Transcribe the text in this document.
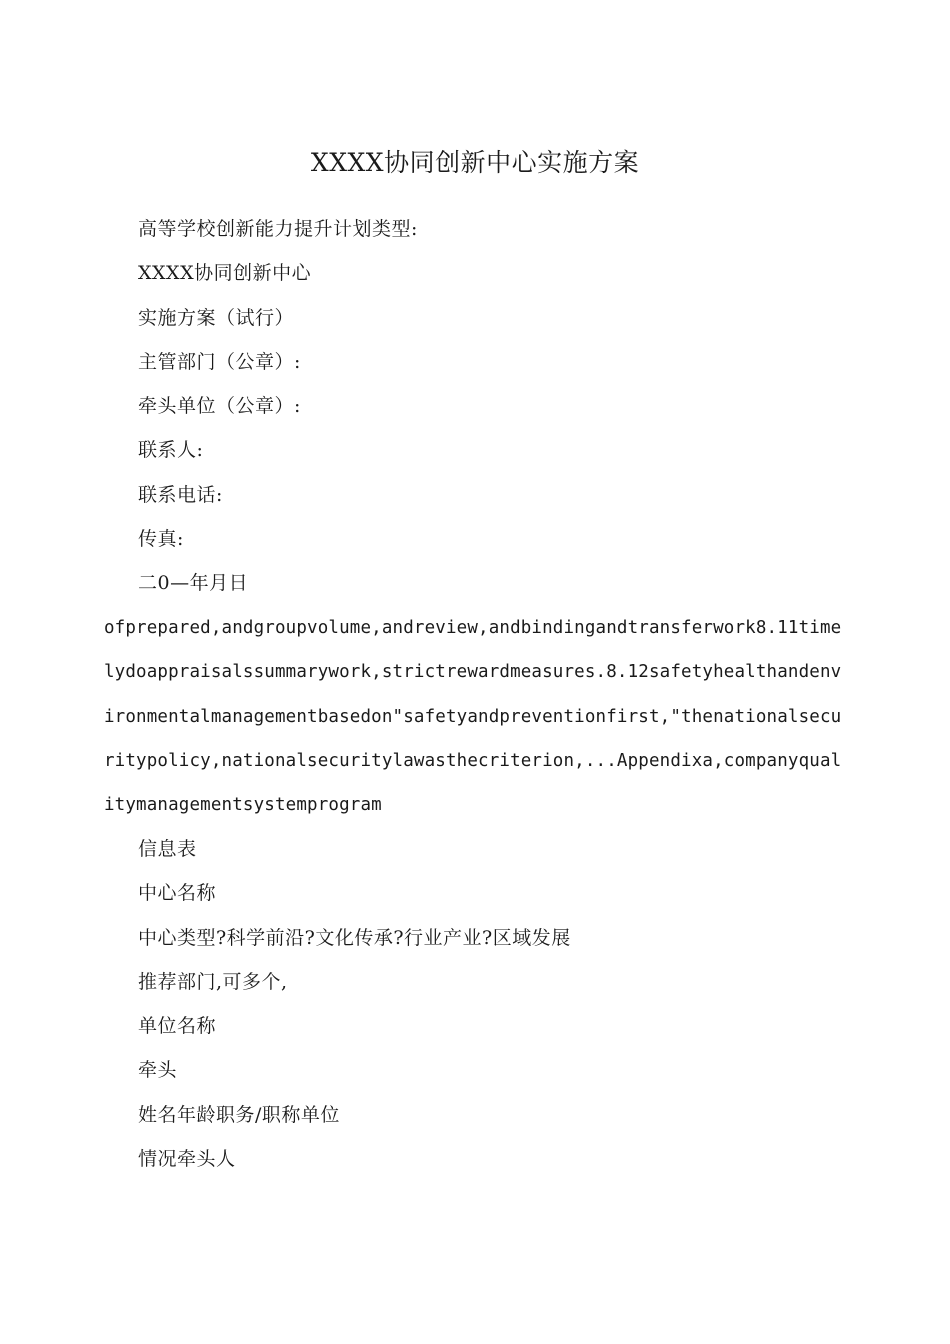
XXXX协同创新中心实施方案
高等学校创新能力提升计划类型:
XXXX协同创新中心
实施方案（试行）
主管部门（公章）:
牵头单位（公章）:
联系人:
联系电话:
传真:
二0—年月日
ofprepared,andgroupvolume,andreview,andbindingandtransferwork8.11timelydoappraisalssummarywork,strictrewardmeasures.8.12safetyhealthandenvironmentalmanagementbasedon"safetyandpreventionfirst,"thenationalsecuritypolicy,nationalsecuritylawasthecriterion,...Appendixa,companyqualitymanagementsystemprogram
信息表
中心名称
中心类型?科学前沿?文化传承?行业产业?区域发展
推荐部门,可多个,
单位名称
牵头
姓名年龄职务/职称单位
情况牵头人
